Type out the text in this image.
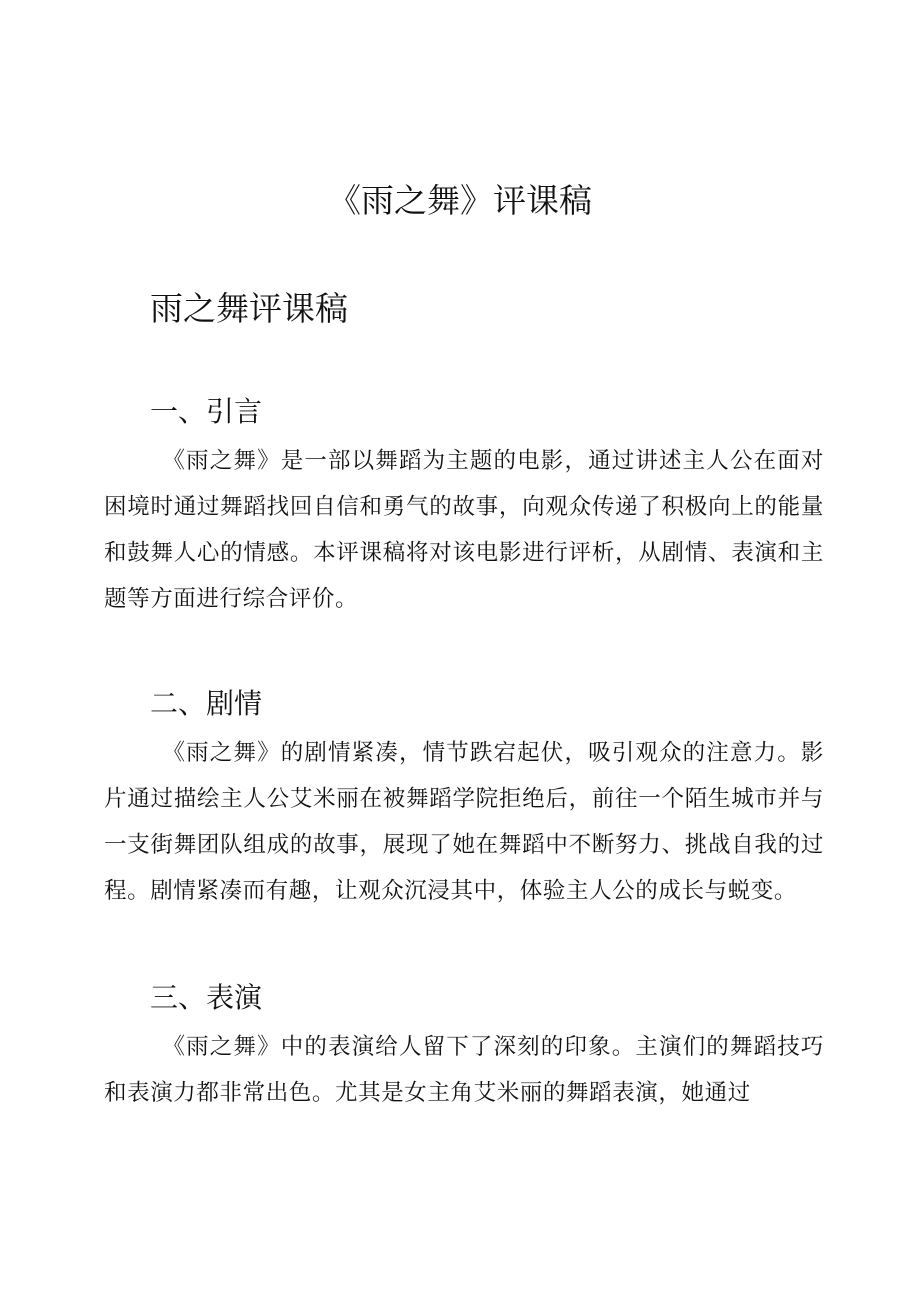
《雨之舞》评课稿
雨之舞评课稿
一、引言

《雨之舞》是一部以舞蹈为主题的电影，通过讲述主人公在面对困境时通过舞蹈找回自信和勇气的故事，向观众传递了积极向上的能量和鼓舞人心的情感。本评课稿将对该电影进行评析，从剧情、表演和主题等方面进行综合评价。

二、剧情

《雨之舞》的剧情紧凑，情节跌宕起伏，吸引观众的注意力。影片通过描绘主人公艾米丽在被舞蹈学院拒绝后，前往一个陌生城市并与一支街舞团队组成的故事，展现了她在舞蹈中不断努力、挑战自我的过程。剧情紧凑而有趣，让观众沉浸其中，体验主人公的成长与蜕变。

三、表演

《雨之舞》中的表演给人留下了深刻的印象。主演们的舞蹈技巧和表演力都非常出色。尤其是女主角艾米丽的舞蹈表演，她通过
